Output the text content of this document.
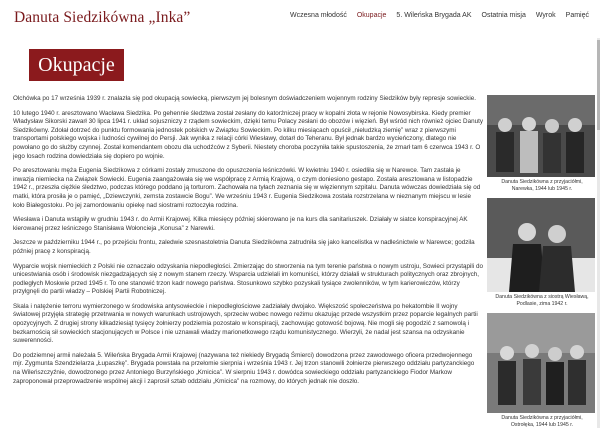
Danuta Siedzikówna „Inka”	Wczesna młodość	Okupacje	5. Wileńska Brygada AK	Ostatnia misja	Wyrok	Pamięć
Okupacje

Olchówka po 17 września 1939 r. znalazła się pod okupacją sowiecką, pierwszym jej bolesnym doświadczeniem wojennym rodziny Siedzików były represje sowieckie.

10 lutego 1940 r. aresztowano Wacława Siedzika. Po gehennie śledztwa został zesłany do katorżniczej pracy w kopalni złota w rejonie Nowosybirska. Kiedy premier Władysław Sikorski zawarł 30 lipca 1941 r. układ sojuszniczy z rządem sowieckim, dzięki temu Polacy zesłani do obozów i więzień. Był wśród nich również ojciec Danuty Siedzikówny. Zdołał dotrzeć do punktu formowania jednostek polskich w Związku Sowieckim. Po kilku miesiącach opuścił „nieludzką ziemię” wraz z pierwszymi transportami polskiego wojska i ludności cywilnej do Persji. Jak wynika z relacji córki Wiesławy, dotarł do Teheranu. Był jednak bardzo wycieńczony, dlatego nie powołano go do służby czynnej. Został komendantem obozu dla uchodźców z Syberii. Niestety choroba poczyniła takie spustoszenia, że zmarł tam 6 czerwca 1943 r. O jego losach rodzina dowiedziała się dopiero po wojnie.

Po aresztowaniu męża Eugenia Siedzikowa z córkami zostały zmuszone do opuszczenia leśniczówki. W kwietniu 1940 r. osiedliła się w Narewce. Tam zastała je inwazja niemiecka na Związek Sowiecki. Eugenia zaangażowała się we współpracę z Armią Krajową, o czym doniesiono gestapo. Została aresztowana w listopadzie 1942 r., przeszła ciężkie śledztwo, podczas którego poddano ją torturom. Zachowała na tyłach zeznania się w więziennym szpitalu. Danuta wówczas dowiedziała się od matki, która prosiła je o pamięć, „Dziewczynki, zemsta zostawcie Bogu”. We wrześniu 1943 r. Eugenia Siedzikowa została rozstrzelana w nieznanym miejscu w lesie koło Białegostoku. Po jej zamordowaniu opiekę nad siostrami roztoczyła rodzina.

Wiesława i Danuta wstąpiły w grudniu 1943 r. do Armii Krajowej. Kilka miesięcy później skierowano je na kurs dla sanitariuszek. Działały w siatce konspiracyjnej AK kierowanej przez leśniczego Stanisława Wołoncieja „Konusa” z Narewki.

Jeszcze w październiku 1944 r., po przejściu frontu, zaledwie szesnastoletnia Danuta Siedzikówna zatrudniła się jako kancelistka w nadleśnictwie w Narewce; godzila później pracę z konspiracją.

Wyparcie wojsk niemieckich z Polski nie oznaczało odzyskania niepodległości. Zmierzając do stworzenia na tym terenie państwa o nowym ustroju, Sowieci przystąpili do unicestwiania osób i środowisk niezgadzających się z nowym stanem rzeczy. Wsparcia udzielali im komuniści, którzy działali w strukturach politycznych oraz zbrojnych, podległych Moskwie przed 1945 r. To one stanowić trzon kadr nowego państwa. Stosunkowo szybko pozyskali tysiące zwolenników, w tym karierowiczów, którzy przylgnęli do partii władzy – Polskiej Partii Robotniczej.

Skala i natężenie terroru wymierzonego w środowiska antysowieckie i niepodległościowe zadziałały dwojako. Większość społeczeństwa po hekatombie II wojny światowej przyjęła strategię przetrwania w nowych warunkach ustrojowych, sprzeciw wobec nowego reżimu okazując przede wszystkim przez poparcie legalnych partii opozycyjnych. Z drugiej strony kilkadziesiąt tysięcy żołnierzy podziemia pozostało w konspiracji, zachowując gotowość bojową. Nie mogli się pogodzić z samowolą i bezkarnością sił sowieckich stacjonujących w Polsce i nie uznawali władzy marionetkowego rządu komunistycznego. Wierzyli, że nadal jest szansa na odzyskanie suwerenności.

Do podziemnej armii należała 5. Wileńska Brygada Armii Krajowej (nazywana też niekiedy Brygadą Śmierci) dowodzona przez zawodowego oficera przedwojennego mjr. Zygmunta Szendzielarza „Łupaszkę”. Brygada powstała na przełomie sierpnia i września 1943 r. Jej trzon stanowili żołnierze pierwszego oddziału partyzanckiego na Wileńszczyźnie, dowodzonego przez Antoniego Burzyńskiego „Kmicica”. W sierpniu 1943 r. dowódca sowieckiego oddziału partyzanckiego Fiodor Markow zaproponował przeprowadzenie wspólnej akcji i zaprosił sztab oddziału „Kmicica” na rozmowy, do których jednak nie doszło.

Danuta Siedzikówna z przyjaciółmi,
Narewka, 1944 lub 1945 r.
Danuta Siedzikówna z siostrą Wiesławą,
Podlasie, zima 1942 r.
Danuta Siedzikówna z przyjaciółmi,
Ostrołęka, 1944 lub 1945 r.
